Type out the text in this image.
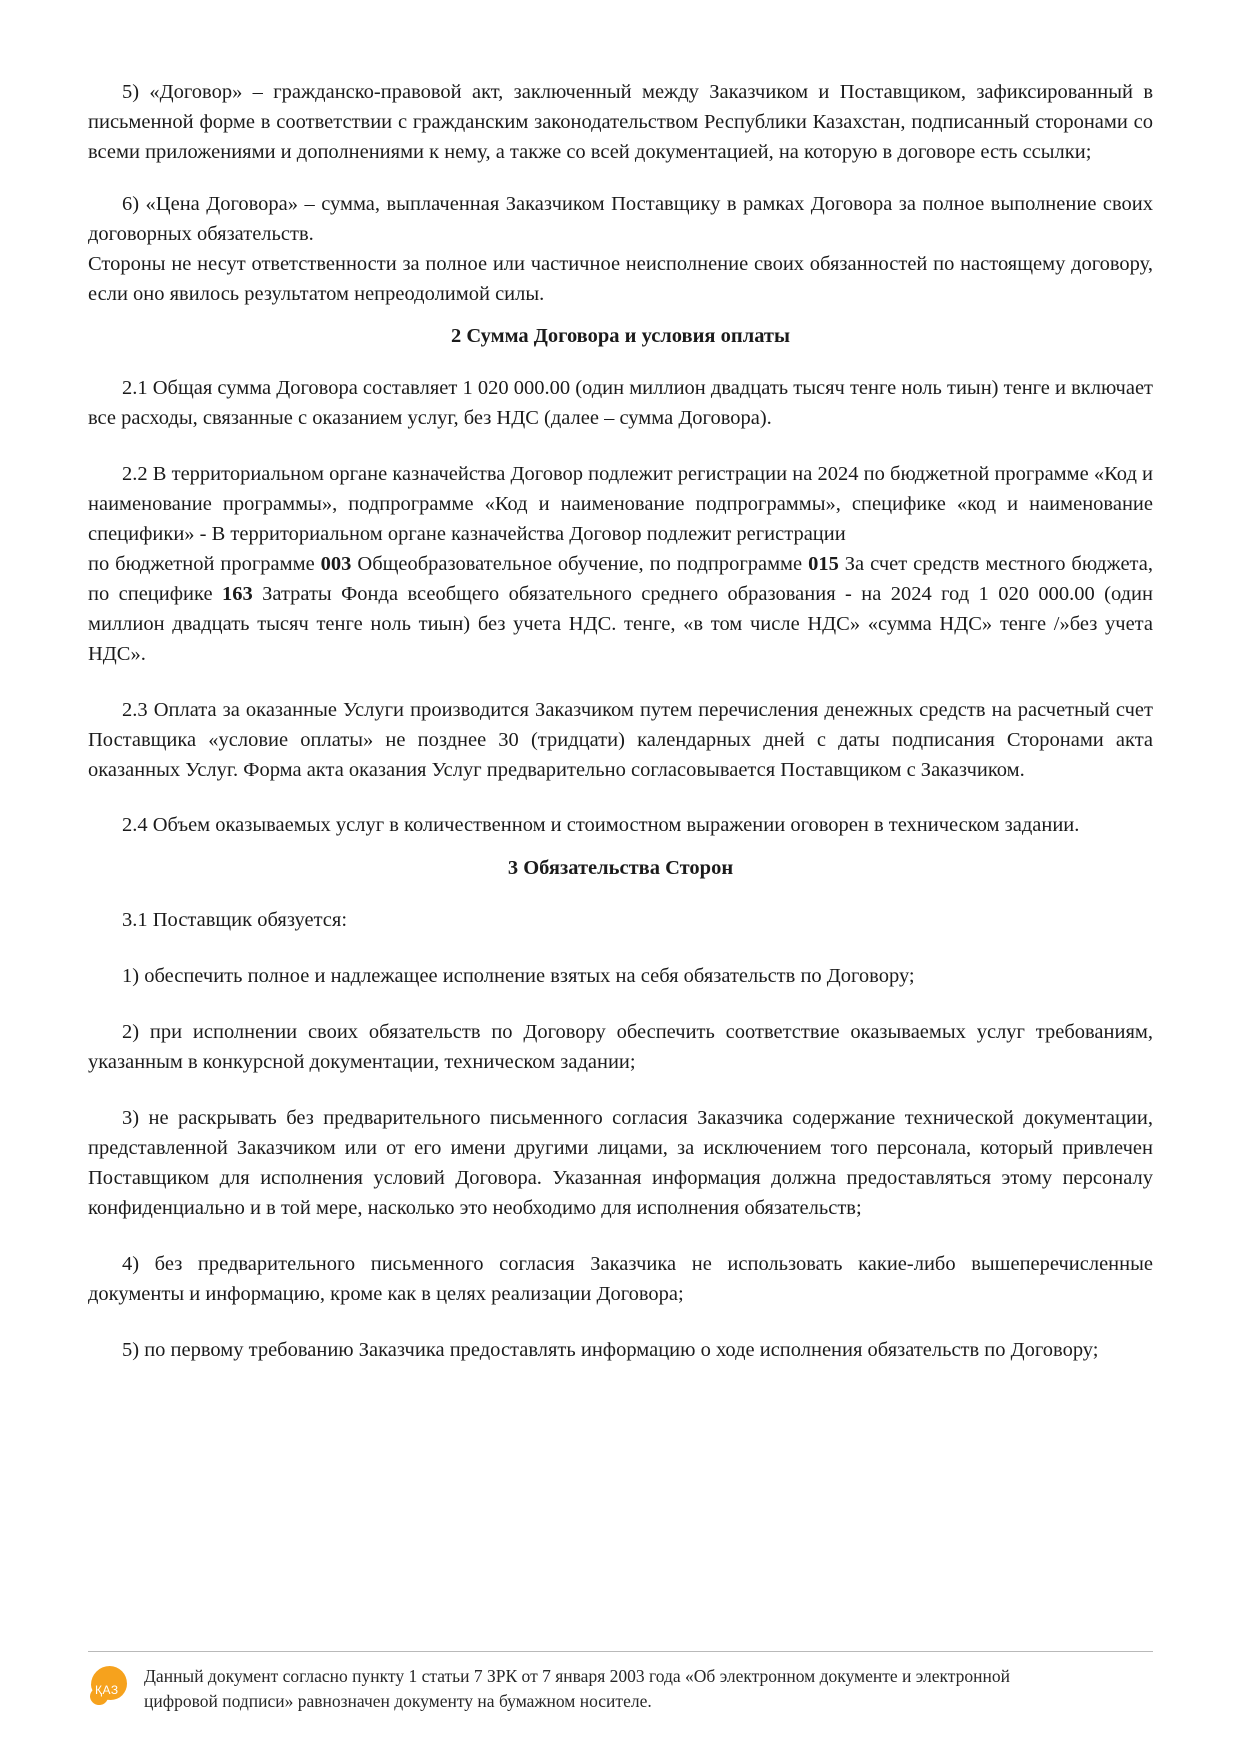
5) «Договор» – гражданско-правовой акт, заключенный между Заказчиком и Поставщиком, зафиксированный в письменной форме в соответствии с гражданским законодательством Республики Казахстан, подписанный сторонами со всеми приложениями и дополнениями к нему, а также со всей документацией, на которую в договоре есть ссылки;

6) «Цена Договора» – сумма, выплаченная Заказчиком Поставщику в рамках Договора за полное выполнение своих договорных обязательств.

Стороны не несут ответственности за полное или частичное неисполнение своих обязанностей по настоящему договору, если оно явилось результатом непреодолимой силы.

2 Сумма Договора и условия оплаты

2.1 Общая сумма Договора составляет 1 020 000.00 (один миллион двадцать тысяч тенге ноль тиын) тенге и включает все расходы, связанные с оказанием услуг, без НДС (далее – сумма Договора).

2.2 В территориальном органе казначейства Договор подлежит регистрации на 2024 по бюджетной программе «Код и наименование программы», подпрограмме «Код и наименование подпрограммы», специфике «код и наименование специфики» - В территориальном органе казначейства Договор подлежит регистрации

по бюджетной программе 003 Общеобразовательное обучение, по подпрограмме 015 За счет средств местного бюджета, по специфике 163 Затраты Фонда всеобщего обязательного среднего образования - на 2024 год 1 020 000.00 (один миллион двадцать тысяч тенге ноль тиын) без учета НДС. тенге, «в том числе НДС» «сумма НДС» тенге /»без учета НДС».

2.3 Оплата за оказанные Услуги производится Заказчиком путем перечисления денежных средств на расчетный счет Поставщика «условие оплаты» не позднее 30 (тридцати) календарных дней с даты подписания Сторонами акта оказанных Услуг. Форма акта оказания Услуг предварительно согласовывается Поставщиком с Заказчиком.

2.4 Объем оказываемых услуг в количественном и стоимостном выражении оговорен в техническом задании.

3 Обязательства Сторон

3.1 Поставщик обязуется:

1) обеспечить полное и надлежащее исполнение взятых на себя обязательств по Договору;

2) при исполнении своих обязательств по Договору обеспечить соответствие оказываемых услуг требованиям, указанным в конкурсной документации, техническом задании;

3) не раскрывать без предварительного письменного согласия Заказчика содержание технической документации, представленной Заказчиком или от его имени другими лицами, за исключением того персонала, который привлечен Поставщиком для исполнения условий Договора. Указанная информация должна предоставляться этому персоналу конфиденциально и в той мере, насколько это необходимо для исполнения обязательств;

4) без предварительного письменного согласия Заказчика не использовать какие-либо вышеперечисленные документы и информацию, кроме как в целях реализации Договора;

5) по первому требованию Заказчика предоставлять информацию о ходе исполнения обязательств по Договору;

ҚАЗ
Данный документ согласно пункту 1 статьи 7 ЗРК от 7 января 2003 года «Об электронном документе и электронной цифровой подписи» равнозначен документу на бумажном носителе.
